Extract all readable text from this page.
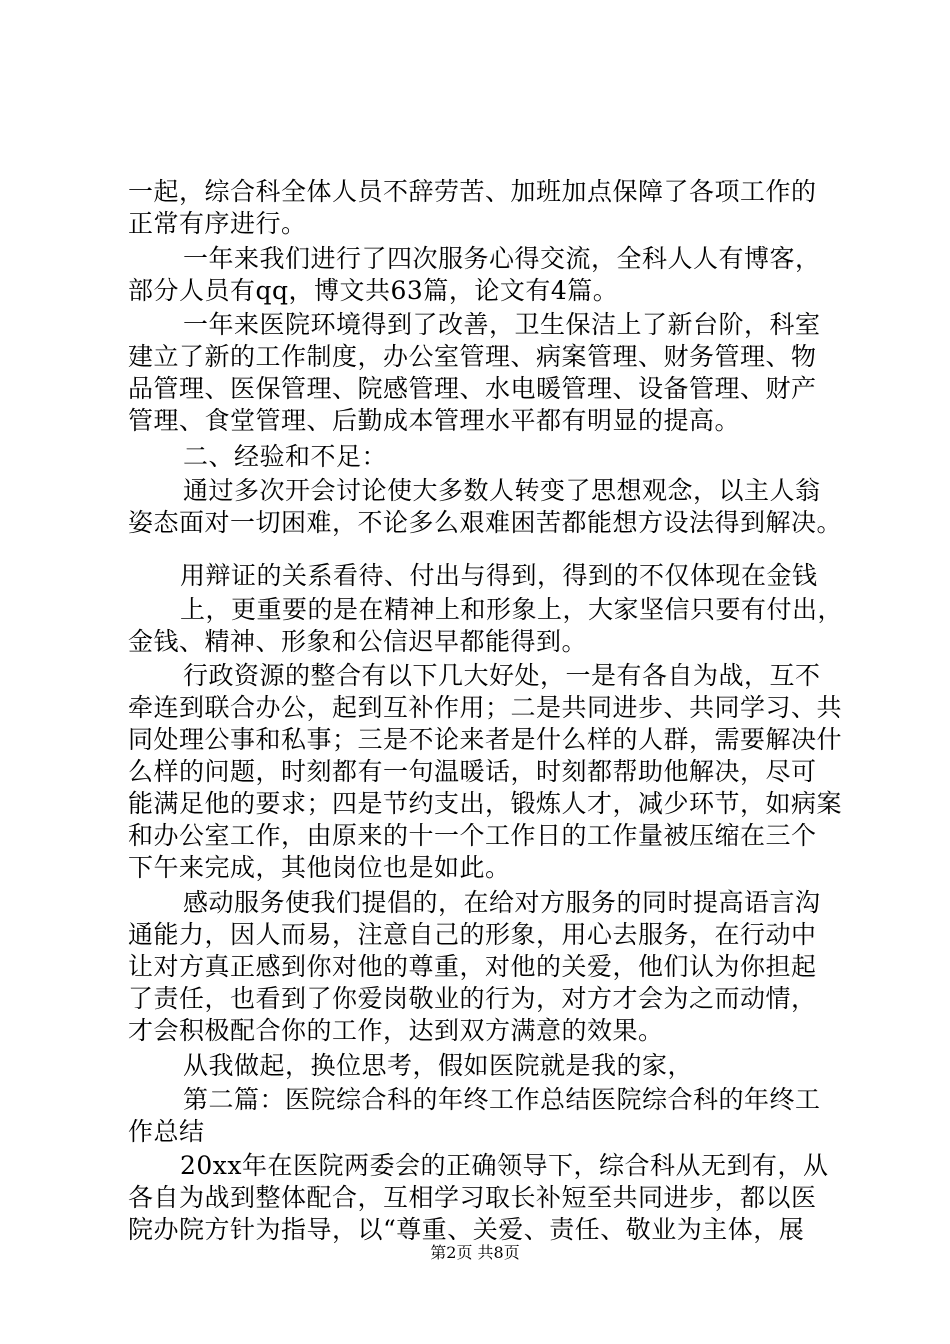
一起，综合科全体人员不辞劳苦、加班加点保障了各项工作的
正常有序进行。
一年来我们进行了四次服务心得交流，全科人人有博客，
部分人员有qq，博文共63篇，论文有4篇。
一年来医院环境得到了改善，卫生保洁上了新台阶，科室
建立了新的工作制度，办公室管理、病案管理、财务管理、物
品管理、医保管理、院感管理、水电暖管理、设备管理、财产
管理、食堂管理、后勤成本管理水平都有明显的提高。
二、经验和不足：
通过多次开会讨论使大多数人转变了思想观念，以主人翁
姿态面对一切困难，不论多么艰难困苦都能想方设法得到解决。
用辩证的关系看待、付出与得到，得到的不仅体现在金钱
上，更重要的是在精神上和形象上，大家坚信只要有付出，
金钱、精神、形象和公信迟早都能得到。
行政资源的整合有以下几大好处，一是有各自为战，互不
牵连到联合办公，起到互补作用；二是共同进步、共同学习、共
同处理公事和私事；三是不论来者是什么样的人群，需要解决什
么样的问题，时刻都有一句温暖话，时刻都帮助他解决，尽可
能满足他的要求；四是节约支出，锻炼人才，减少环节，如病案
和办公室工作，由原来的十一个工作日的工作量被压缩在三个
下午来完成，其他岗位也是如此。
感动服务使我们提倡的，在给对方服务的同时提高语言沟
通能力，因人而易，注意自己的形象，用心去服务，在行动中
让对方真正感到你对他的尊重，对他的关爱，他们认为你担起
了责任，也看到了你爱岗敬业的行为，对方才会为之而动情，
才会积极配合你的工作，达到双方满意的效果。
从我做起，换位思考，假如医院就是我的家，
第二篇：医院综合科的年终工作总结医院综合科的年终工
作总结
20xx年在医院两委会的正确领导下，综合科从无到有，从
各自为战到整体配合，互相学习取长补短至共同进步，都以医
院办院方针为指导，以“尊重、关爱、责任、敬业为主体，展
第2页 共8页
